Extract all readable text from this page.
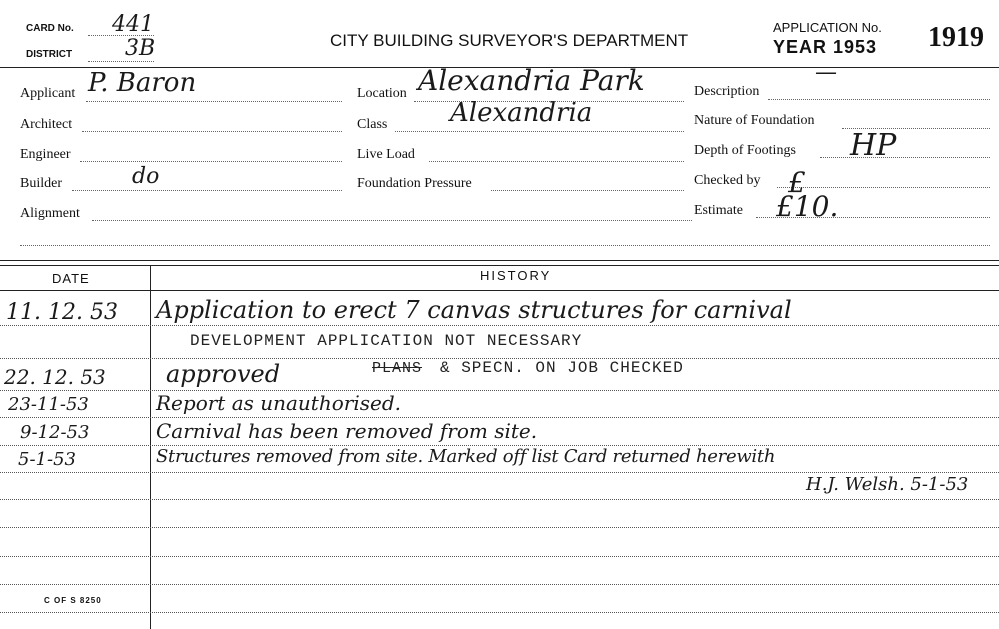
CARD No. 441
DISTRICT 3B	CITY BUILDING SURVEYOR'S DEPARTMENT
APPLICATION No.
YEAR 1953 1919
Applicant P. Baron
Architect
Engineer
Builder	do
Alignment
Location Alexandria Park
Class Alexandria
Live Load
Foundation Pressure
Description
—
Nature of Foundation
Depth of Footings HP
Checked by £
Estimate £10.
DATE	HISTORY
11. 12. 53 Application to erect 7 canvas structures for carnival
DEVELOPMENT APPLICATION NOT NECESSARY
22. 12. 53	approved	PLANS & SPECN. ON JOB CHECKED
23-11-53	Report as unauthorised.
9-12-53	Carnival has been removed from site.
5-1-53	Structures removed from site. Marked off list Card returned herewith
H.J. Welsh. 5-1-53
C OF S 8250
